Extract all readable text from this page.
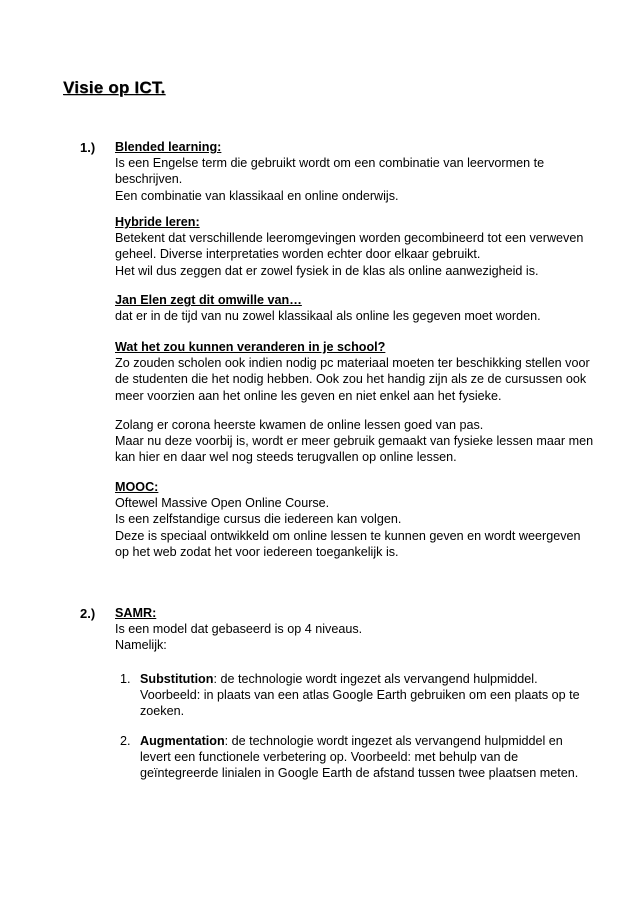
Visie op ICT.
1.) Blended learning:
Is een Engelse term die gebruikt wordt om een combinatie van leervormen te
beschrijven.
Een combinatie van klassikaal en online onderwijs.
Hybride leren:
Betekent dat verschillende leeromgevingen worden gecombineerd tot een verweven
geheel. Diverse interpretaties worden echter door elkaar gebruikt.
Het wil dus zeggen dat er zowel fysiek in de klas als online aanwezigheid is.
Jan Elen zegt dit omwille van…
dat er in de tijd van nu zowel klassikaal als online les gegeven moet worden.
Wat het zou kunnen veranderen in je school?
Zo zouden scholen ook indien nodig pc materiaal moeten ter beschikking stellen voor
de studenten die het nodig hebben. Ook zou het handig zijn als ze de cursussen ook
meer voorzien aan het online les geven en niet enkel aan het fysieke.
Zolang er corona heerste kwamen de online lessen goed van pas.
Maar nu deze voorbij is, wordt er meer gebruik gemaakt van fysieke lessen maar men
kan hier en daar wel nog steeds terugvallen op online lessen.
MOOC:
Oftewel Massive Open Online Course.
Is een zelfstandige cursus die iedereen kan volgen.
Deze is speciaal ontwikkeld om online lessen te kunnen geven en wordt weergeven
op het web zodat het voor iedereen toegankelijk is.
2.) SAMR:
Is een model dat gebaseerd is op 4 niveaus.
Namelijk:
1. Substitution: de technologie wordt ingezet als vervangend hulpmiddel.
Voorbeeld: in plaats van een atlas Google Earth gebruiken om een plaats op te
zoeken.
2. Augmentation: de technologie wordt ingezet als vervangend hulpmiddel en
levert een functionele verbetering op. Voorbeeld: met behulp van de
geïntegreerde linialen in Google Earth de afstand tussen twee plaatsen meten.
